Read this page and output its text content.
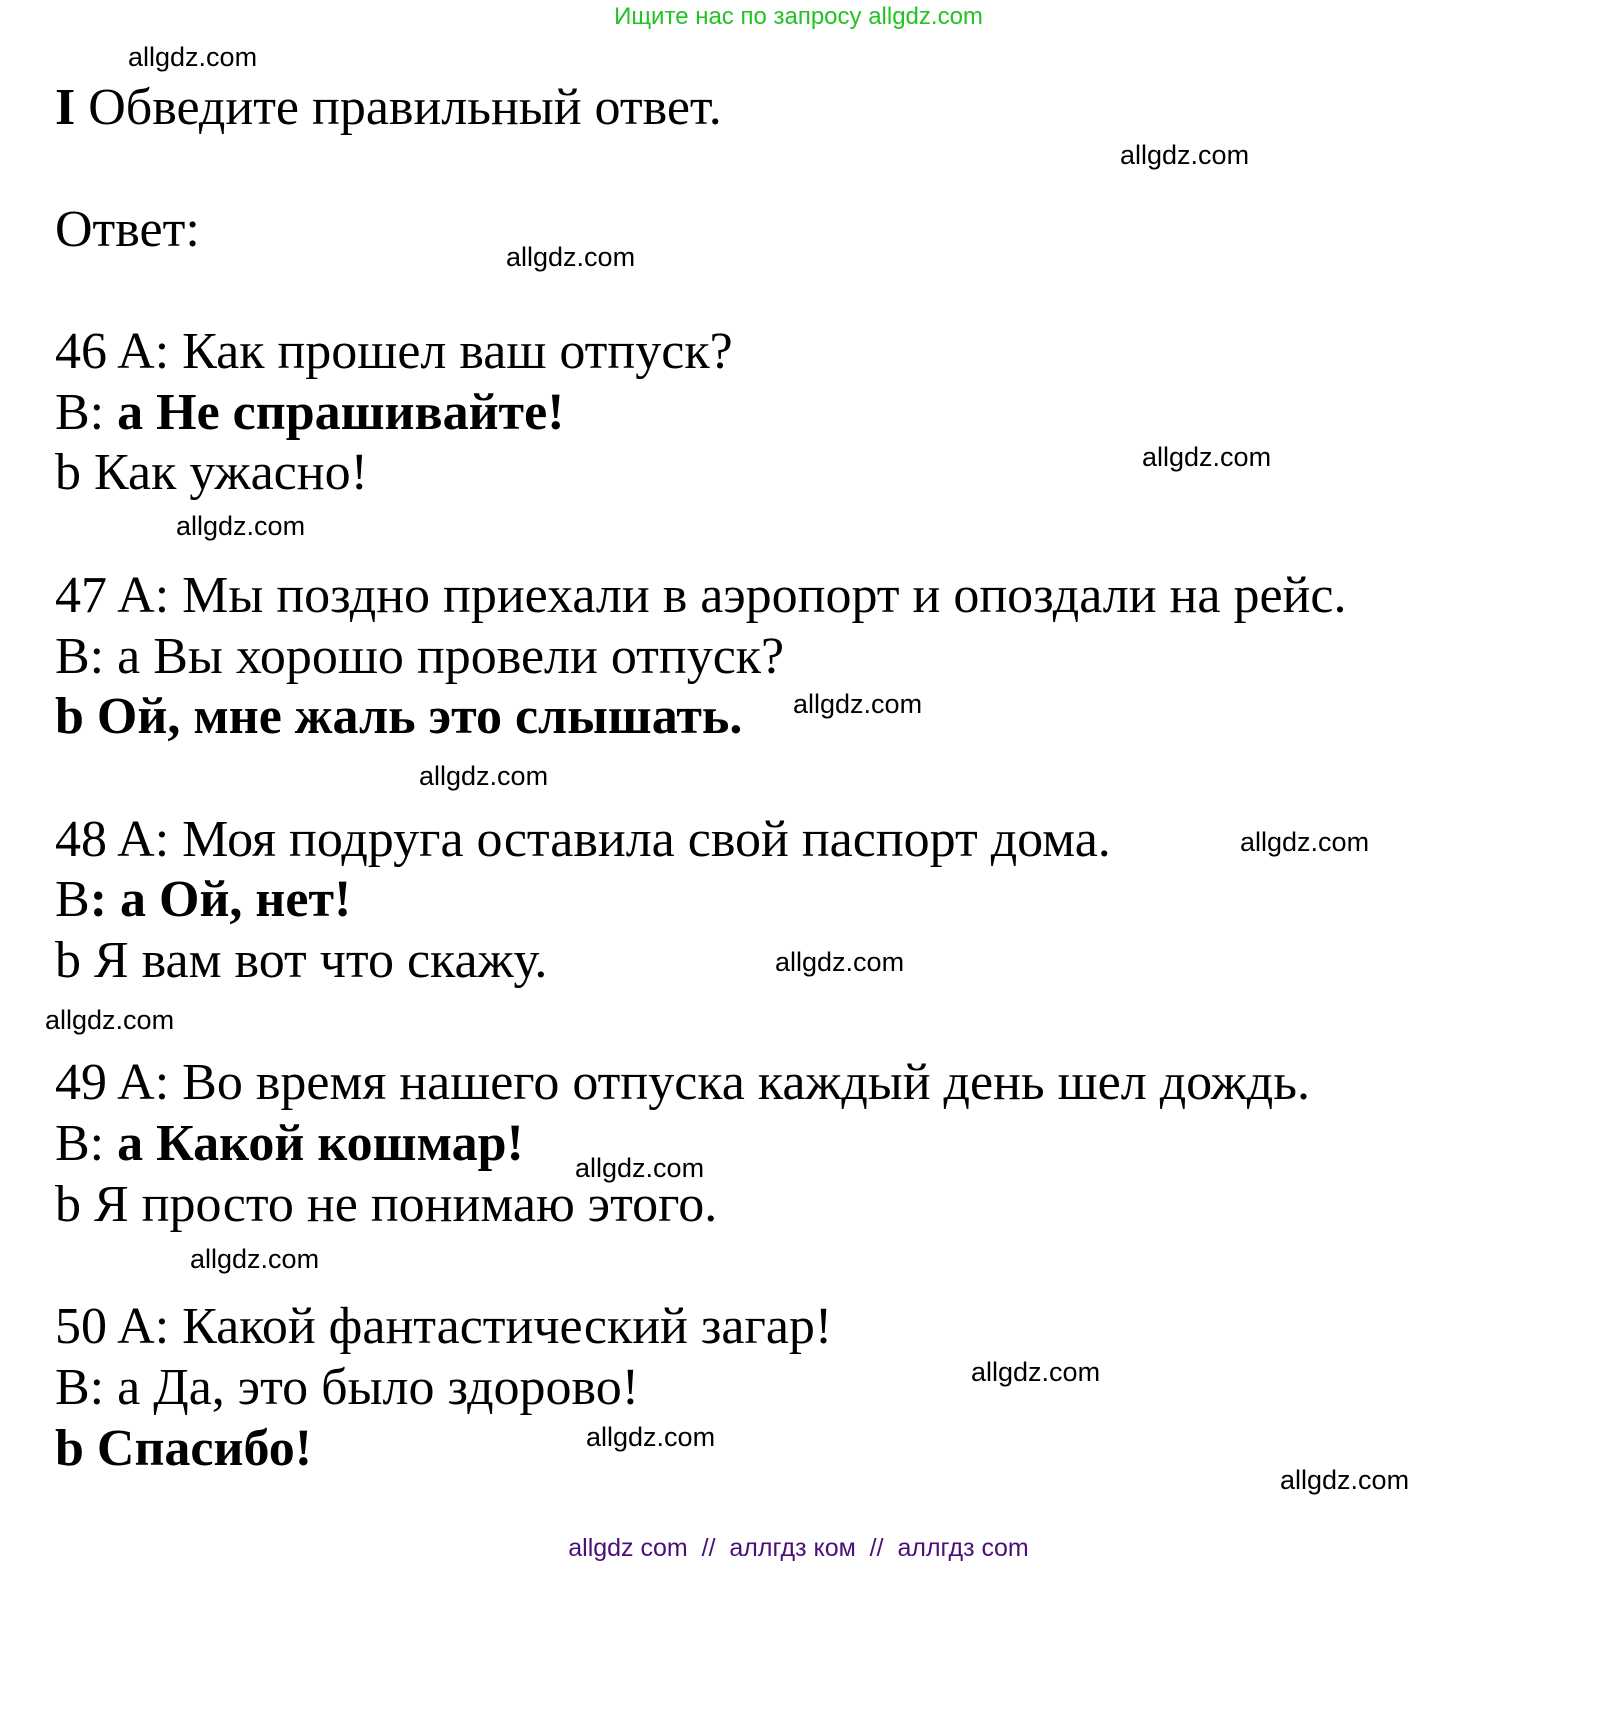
Ищите нас по запросу allgdz.com
I Обведите правильный ответ.
Ответ:
46 A: Как прошел ваш отпуск?
B: a Не спрашивайте!
b Как ужасно!
47 A: Мы поздно приехали в аэропорт и опоздали на рейс.
B: a Вы хорошо провели отпуск?
b Ой, мне жаль это слышать.
48 A: Моя подруга оставила свой паспорт дома.
B: a Ой, нет!
b Я вам вот что скажу.
49 A: Во время нашего отпуска каждый день шел дождь.
B: a Какой кошмар!
b Я просто не понимаю этого.
50 A: Какой фантастический загар!
B: a Да, это было здорово!
b Спасибо!
allgdz.com
allgdz.com
allgdz.com
allgdz.com
allgdz.com
allgdz.com
allgdz.com
allgdz.com
allgdz.com
allgdz.com
allgdz.com
allgdz.com
allgdz.com
allgdz.com
allgdz.com
allgdz com  //  аллгдз ком  //  аллгдз com
